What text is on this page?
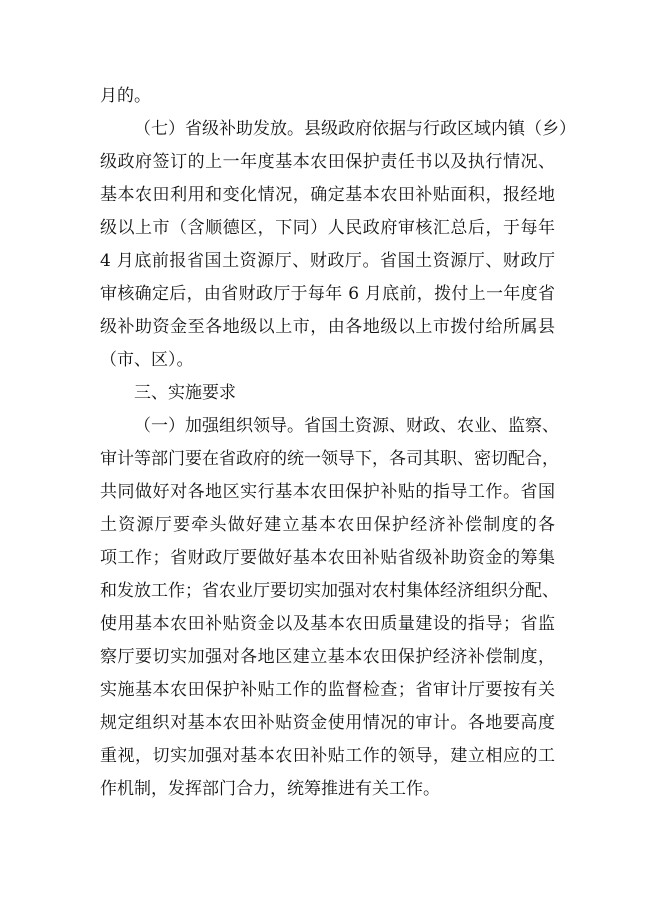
月的。
（七）省级补助发放。县级政府依据与行政区域内镇（乡）
级政府签订的上一年度基本农田保护责任书以及执行情况、
基本农田利用和变化情况，确定基本农田补贴面积，报经地
级以上市（含顺德区，下同）人民政府审核汇总后，于每年
4 月底前报省国土资源厅、财政厅。省国土资源厅、财政厅
审核确定后，由省财政厅于每年 6 月底前，拨付上一年度省
级补助资金至各地级以上市，由各地级以上市拨付给所属县
（市、区）。
三、实施要求
（一）加强组织领导。省国土资源、财政、农业、监察、
审计等部门要在省政府的统一领导下，各司其职、密切配合，
共同做好对各地区实行基本农田保护补贴的指导工作。省国
土资源厅要牵头做好建立基本农田保护经济补偿制度的各
项工作；省财政厅要做好基本农田补贴省级补助资金的筹集
和发放工作；省农业厅要切实加强对农村集体经济组织分配、
使用基本农田补贴资金以及基本农田质量建设的指导；省监
察厅要切实加强对各地区建立基本农田保护经济补偿制度，
实施基本农田保护补贴工作的监督检查；省审计厅要按有关
规定组织对基本农田补贴资金使用情况的审计。各地要高度
重视，切实加强对基本农田补贴工作的领导，建立相应的工
作机制，发挥部门合力，统筹推进有关工作。
